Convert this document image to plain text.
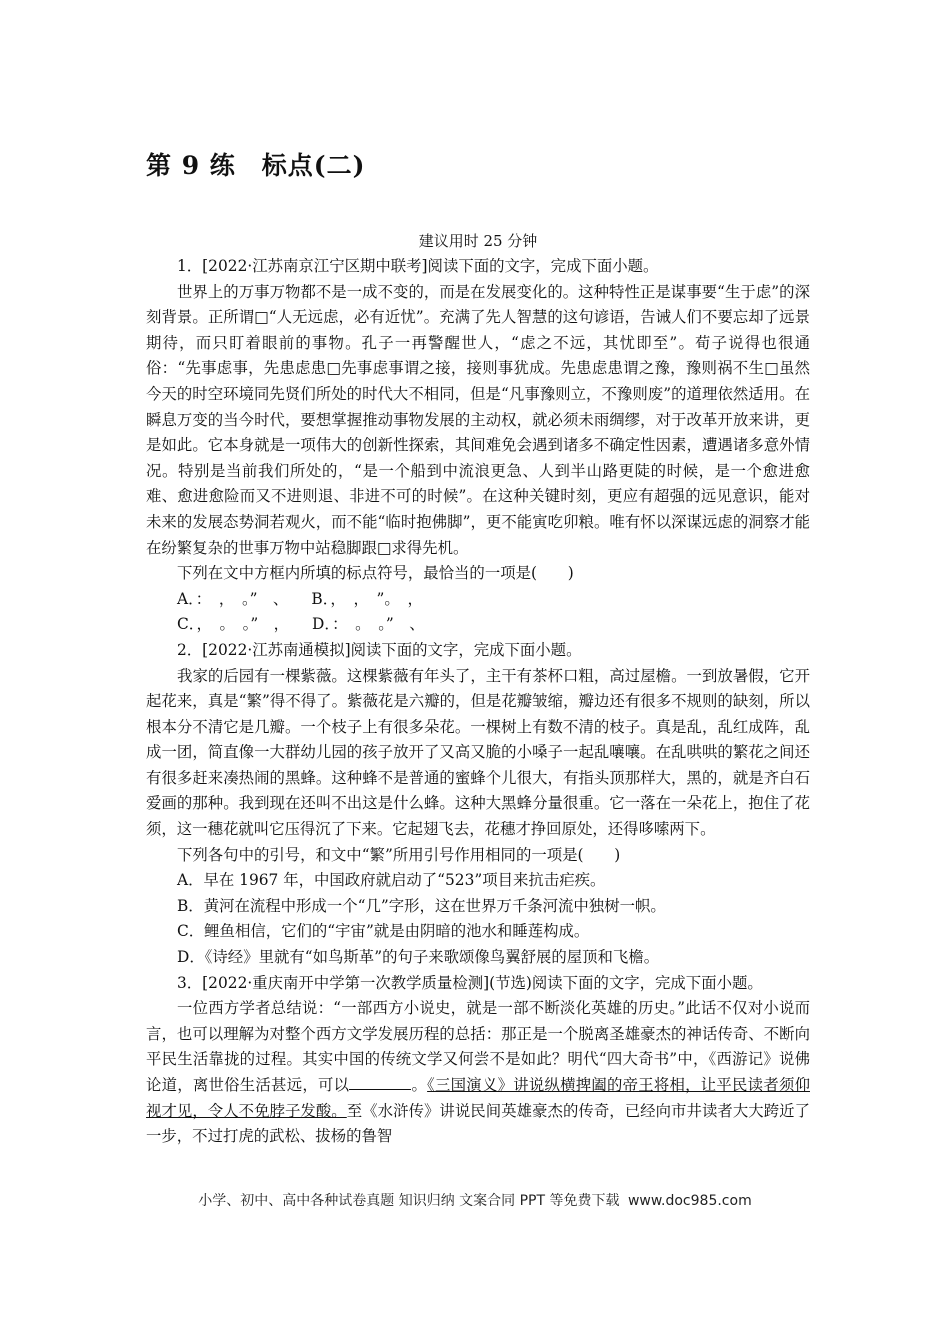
第 9 练　标点(二)
建议用时 25 分钟

1．[2022·江苏南京江宁区期中联考]阅读下面的文字，完成下面小题。

世界上的万事万物都不是一成不变的，而是在发展变化的。这种特性正是谋事要“生于虑”的深刻背景。正所谓□“人无远虑，必有近忧”。充满了先人智慧的这句谚语，告诫人们不要忘却了远景期待，而只盯着眼前的事物。孔子一再警醒世人，“虑之不远，其忧即至”。荀子说得也很通俗：“先事虑事，先患虑患□先事虑事谓之接，接则事犹成。先患虑患谓之豫，豫则祸不生□虽然今天的时空环境同先贤们所处的时代大不相同，但是“凡事豫则立，不豫则废”的道理依然适用。在瞬息万变的当今时代，要想掌握推动事物发展的主动权，就必须未雨绸缪，对于改革开放来讲，更是如此。它本身就是一项伟大的创新性探索，其间难免会遇到诸多不确定性因素，遭遇诸多意外情况。特别是当前我们所处的，“是一个船到中流浪更急、人到半山路更陡的时候，是一个愈进愈难、愈进愈险而又不进则退、非进不可的时候”。在这种关键时刻，更应有超强的远见意识，能对未来的发展态势洞若观火，而不能“临时抱佛脚”，更不能寅吃卯粮。唯有怀以深谋远虑的洞察才能在纷繁复杂的世事万物中站稳脚跟□求得先机。

下列在文中方框内所填的标点符号，最恰当的一项是(　　)

A．：　，　。”　、　　B．，　，　”。　，

C．，　。　。”　，　　D．：　。　。”　、

2．[2022·江苏南通模拟]阅读下面的文字，完成下面小题。

我家的后园有一棵紫薇。这棵紫薇有年头了，主干有茶杯口粗，高过屋檐。一到放暑假，它开起花来，真是“繁”得不得了。紫薇花是六瓣的，但是花瓣皱缩，瓣边还有很多不规则的缺刻，所以根本分不清它是几瓣。一个枝子上有很多朵花。一棵树上有数不清的枝子。真是乱，乱红成阵，乱成一团，简直像一大群幼儿园的孩子放开了又高又脆的小嗓子一起乱嚷嚷。在乱哄哄的繁花之间还有很多赶来凑热闹的黑蜂。这种蜂不是普通的蜜蜂个儿很大，有指头顶那样大，黑的，就是齐白石爱画的那种。我到现在还叫不出这是什么蜂。这种大黑蜂分量很重。它一落在一朵花上，抱住了花须，这一穗花就叫它压得沉了下来。它起翅飞去，花穗才挣回原处，还得哆嗦两下。

下列各句中的引号，和文中“繁”所用引号作用相同的一项是(　　)

A．早在 1967 年，中国政府就启动了“523”项目来抗击疟疾。

B．黄河在流程中形成一个“几”字形，这在世界万千条河流中独树一帜。

C．鲤鱼相信，它们的“宇宙”就是由阴暗的池水和睡莲构成。

D．《诗经》里就有“如鸟斯革”的句子来歌颂像鸟翼舒展的屋顶和飞檐。

3．[2022·重庆南开中学第一次教学质量检测](节选)阅读下面的文字，完成下面小题。

一位西方学者总结说：“一部西方小说史，就是一部不断淡化英雄的历史。”此话不仅对小说而言，也可以理解为对整个西方文学发展历程的总括：那正是一个脱离圣雄豪杰的神话传奇、不断向平民生活靠拢的过程。其实中国的传统文学又何尝不是如此？明代“四大奇书”中，《西游记》说佛论道，离世俗生活甚远，可以	。《三国演义》讲说纵横捭阖的帝王将相，让平民读者须仰视才见，令人不免脖子发酸。至《水浒传》讲说民间英雄豪杰的传奇，已经向市井读者大大跨近了一步，不过打虎的武松、拔杨的鲁智

小学、初中、高中各种试卷真题 知识归纳 文案合同 PPT 等免费下载 www.doc985.com
